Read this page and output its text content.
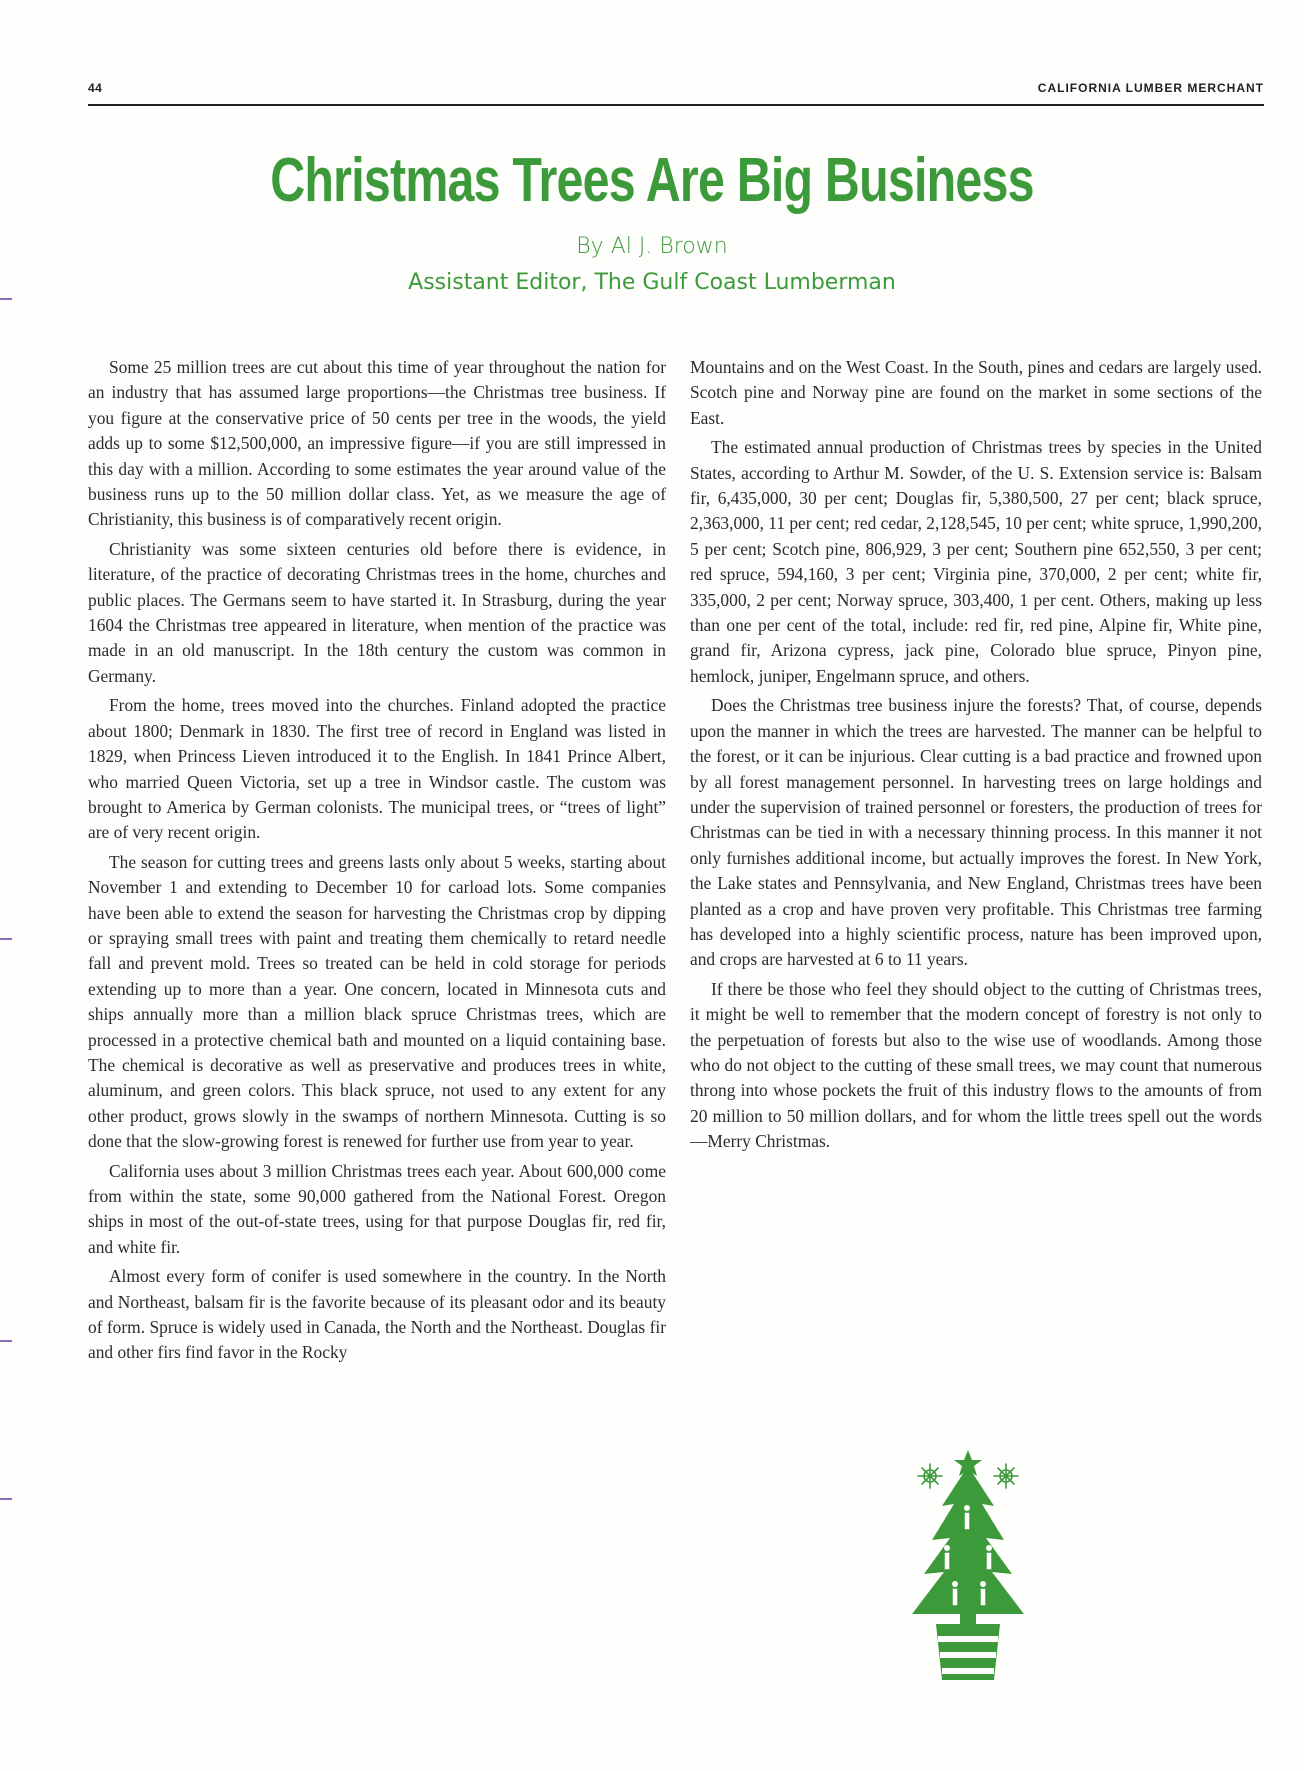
44	CALIFORNIA LUMBER MERCHANT
Christmas Trees Are Big Business
By Al J. Brown
Assistant Editor, The Gulf Coast Lumberman

Some 25 million trees are cut about this time of year throughout the nation for an industry that has assumed large proportions—the Christmas tree business. If you figure at the conservative price of 50 cents per tree in the woods, the yield adds up to some $12,500,000, an impressive figure—if you are still impressed in this day with a million. According to some estimates the year around value of the business runs up to the 50 million dollar class. Yet, as we measure the age of Christianity, this business is of comparatively recent origin.

Christianity was some sixteen centuries old before there is evidence, in literature, of the practice of decorating Christmas trees in the home, churches and public places. The Germans seem to have started it. In Strasburg, during the year 1604 the Christmas tree appeared in literature, when mention of the practice was made in an old manuscript. In the 18th century the custom was common in Germany.

From the home, trees moved into the churches. Finland adopted the practice about 1800; Denmark in 1830. The first tree of record in England was listed in 1829, when Princess Lieven introduced it to the English. In 1841 Prince Albert, who married Queen Victoria, set up a tree in Windsor castle. The custom was brought to America by German colonists. The municipal trees, or “trees of light” are of very recent origin.

The season for cutting trees and greens lasts only about 5 weeks, starting about November 1 and extending to December 10 for carload lots. Some companies have been able to extend the season for harvesting the Christmas crop by dipping or spraying small trees with paint and treating them chemically to retard needle fall and prevent mold. Trees so treated can be held in cold storage for periods extending up to more than a year. One concern, located in Minnesota cuts and ships annually more than a million black spruce Christmas trees, which are processed in a protective chemical bath and mounted on a liquid containing base. The chemical is decorative as well as preservative and produces trees in white, aluminum, and green colors. This black spruce, not used to any extent for any other product, grows slowly in the swamps of northern Minnesota. Cutting is so done that the slow-growing forest is renewed for further use from year to year.

California uses about 3 million Christmas trees each year. About 600,000 come from within the state, some 90,000 gathered from the National Forest. Oregon ships in most of the out-of-state trees, using for that purpose Douglas fir, red fir, and white fir.

Almost every form of conifer is used somewhere in the country. In the North and Northeast, balsam fir is the favorite because of its pleasant odor and its beauty of form. Spruce is widely used in Canada, the North and the Northeast. Douglas fir and other firs find favor in the Rocky

Mountains and on the West Coast. In the South, pines and cedars are largely used. Scotch pine and Norway pine are found on the market in some sections of the East.

The estimated annual production of Christmas trees by species in the United States, according to Arthur M. Sowder, of the U. S. Extension service is: Balsam fir, 6,435,000, 30 per cent; Douglas fir, 5,380,500, 27 per cent; black spruce, 2,363,000, 11 per cent; red cedar, 2,128,545, 10 per cent; white spruce, 1,990,200, 5 per cent; Scotch pine, 806,929, 3 per cent; Southern pine 652,550, 3 per cent; red spruce, 594,160, 3 per cent; Virginia pine, 370,000, 2 per cent; white fir, 335,000, 2 per cent; Norway spruce, 303,400, 1 per cent. Others, making up less than one per cent of the total, include: red fir, red pine, Alpine fir, White pine, grand fir, Arizona cypress, jack pine, Colorado blue spruce, Pinyon pine, hemlock, juniper, Engelmann spruce, and others.

Does the Christmas tree business injure the forests? That, of course, depends upon the manner in which the trees are harvested. The manner can be helpful to the forest, or it can be injurious. Clear cutting is a bad practice and frowned upon by all forest management personnel. In harvesting trees on large holdings and under the supervision of trained personnel or foresters, the production of trees for Christmas can be tied in with a necessary thinning process. In this manner it not only furnishes additional income, but actually improves the forest. In New York, the Lake states and Pennsylvania, and New England, Christmas trees have been planted as a crop and have proven very profitable. This Christmas tree farming has developed into a highly scientific process, nature has been improved upon, and crops are harvested at 6 to 11 years.

If there be those who feel they should object to the cutting of Christmas trees, it might be well to remember that the modern concept of forestry is not only to the perpetuation of forests but also to the wise use of woodlands. Among those who do not object to the cutting of these small trees, we may count that numerous throng into whose pockets the fruit of this industry flows to the amounts of from 20 million to 50 million dollars, and for whom the little trees spell out the words—Merry Christmas.
